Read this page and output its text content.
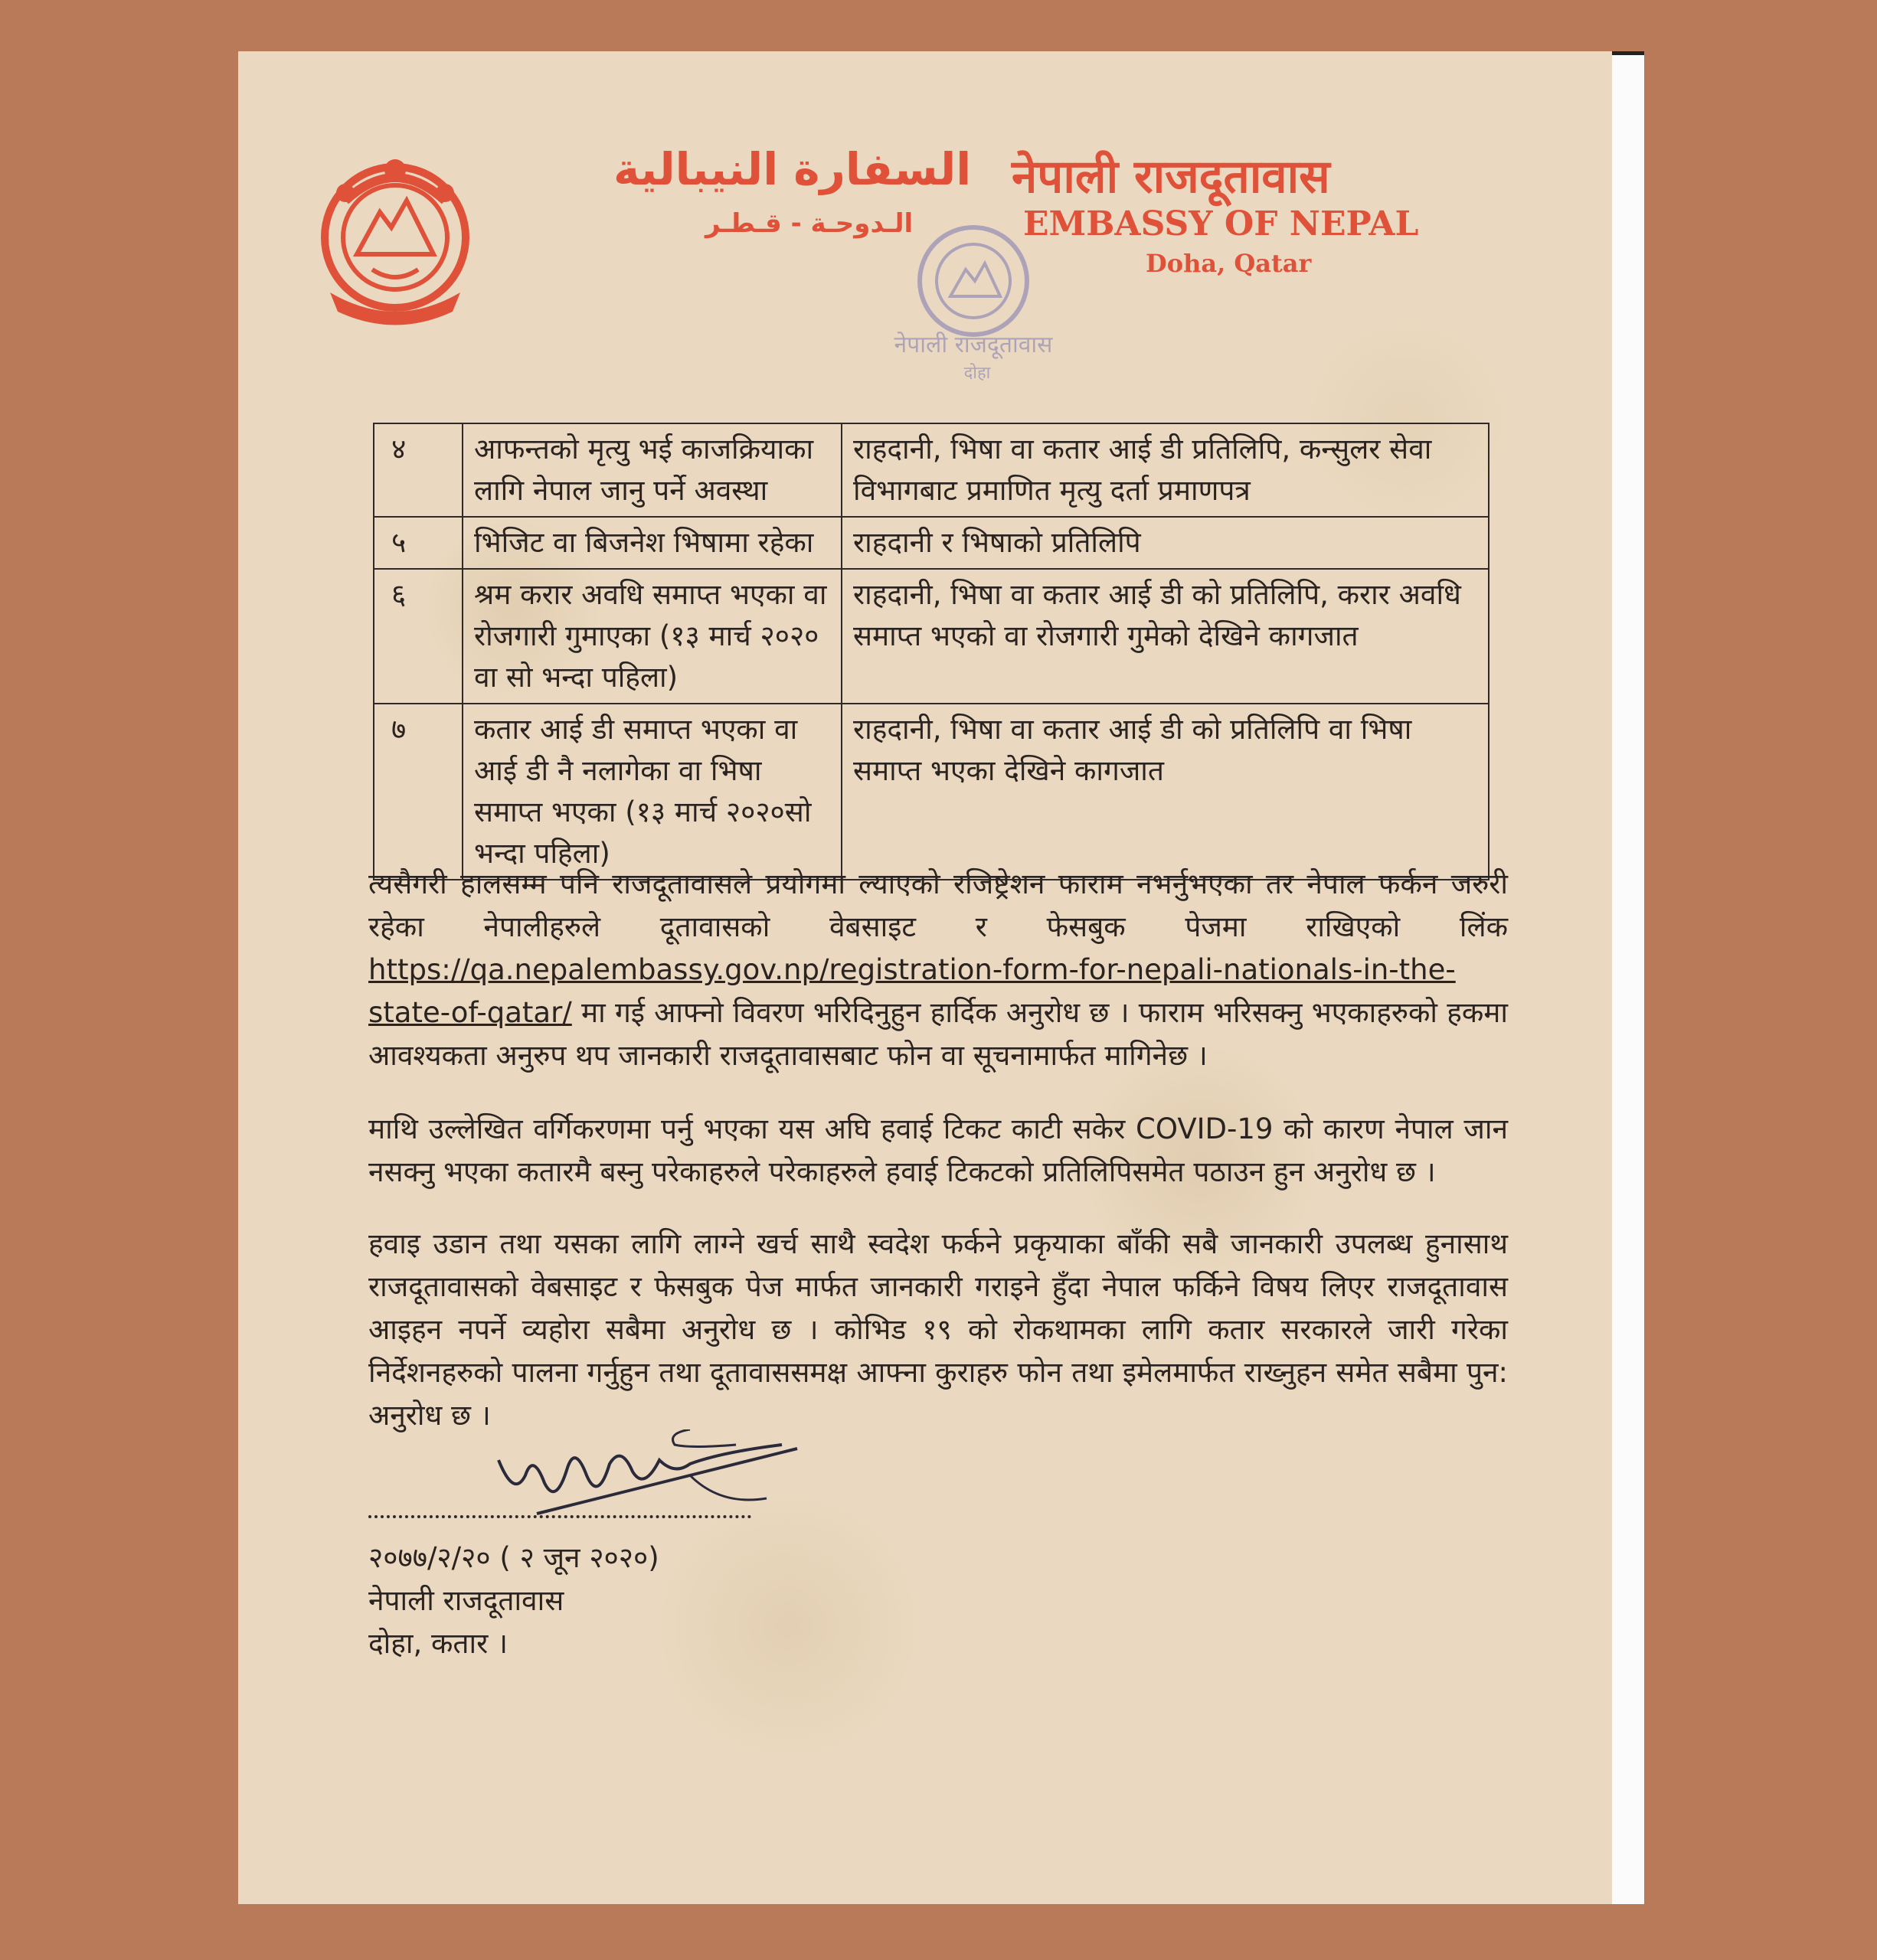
السفارة النيبالية
الـدوحـة - قـطـر
नेपाली राजदूतावास
EMBASSY OF NEPAL
Doha, Qatar
नेपाली राजदूतावास
दोहा
४	आफन्तको मृत्यु भई काजक्रियाका लागि नेपाल जानु पर्ने अवस्था	राहदानी, भिषा वा कतार आई डी प्रतिलिपि, कन्सुलर सेवा विभागबाट प्रमाणित मृत्यु दर्ता प्रमाणपत्र
५	भिजिट वा बिजनेश भिषामा रहेका	राहदानी र भिषाको प्रतिलिपि
६	श्रम करार अवधि समाप्त भएका वा रोजगारी गुमाएका (१३ मार्च २०२० वा सो भन्दा पहिला)	राहदानी, भिषा वा कतार आई डी को प्रतिलिपि, करार अवधि समाप्त भएको वा रोजगारी गुमेको देखिने कागजात
७	कतार आई डी समाप्त भएका वा आई डी नै नलागेका वा भिषा समाप्त भएका (१३ मार्च २०२०सो भन्दा पहिला)	राहदानी, भिषा वा कतार आई डी को प्रतिलिपि वा भिषा समाप्त भएका देखिने कागजात
त्यसैगरी हालसम्म पनि राजदूतावासले प्रयोगमा ल्याएको रजिष्ट्रेशन फाराम नभर्नुभएका तर नेपाल फर्कन जरुरी रहेका नेपालीहरुले दूतावासको वेबसाइट र फेसबुक पेजमा राखिएको लिंक https://qa.nepalembassy.gov.np/registration-form-for-nepali-nationals-in-the-state-of-qatar/ मा गई आफ्नो विवरण भरिदिनुहुन हार्दिक अनुरोध छ । फाराम भरिसक्नु भएकाहरुको हकमा आवश्यकता अनुरुप थप जानकारी राजदूतावासबाट फोन वा सूचनामार्फत मागिनेछ ।
माथि उल्लेखित वर्गिकरणमा पर्नु भएका यस अघि हवाई टिकट काटी सकेर COVID-19 को कारण नेपाल जान नसक्नु भएका कतारमै बस्नु परेकाहरुले परेकाहरुले हवाई टिकटको प्रतिलिपिसमेत पठाउन हुन अनुरोध छ ।
हवाइ उडान तथा यसका लागि लाग्ने खर्च साथै स्वदेश फर्कने प्रकृयाका बाँकी सबै जानकारी उपलब्ध हुनासाथ राजदूतावासको वेबसाइट र फेसबुक पेज मार्फत जानकारी गराइने हुँदा नेपाल फर्किने विषय लिएर राजदूतावास आइहन नपर्ने व्यहोरा सबैमा अनुरोध छ । कोभिड १९ को रोकथामका लागि कतार सरकारले जारी गरेका निर्देशनहरुको पालना गर्नुहुन तथा दूतावाससमक्ष आफ्ना कुराहरु फोन तथा इमेलमार्फत राख्नुहन समेत सबैमा पुन: अनुरोध छ ।
२०७७/२/२० ( २ जून २०२०)
नेपाली राजदूतावास
दोहा, कतार ।
